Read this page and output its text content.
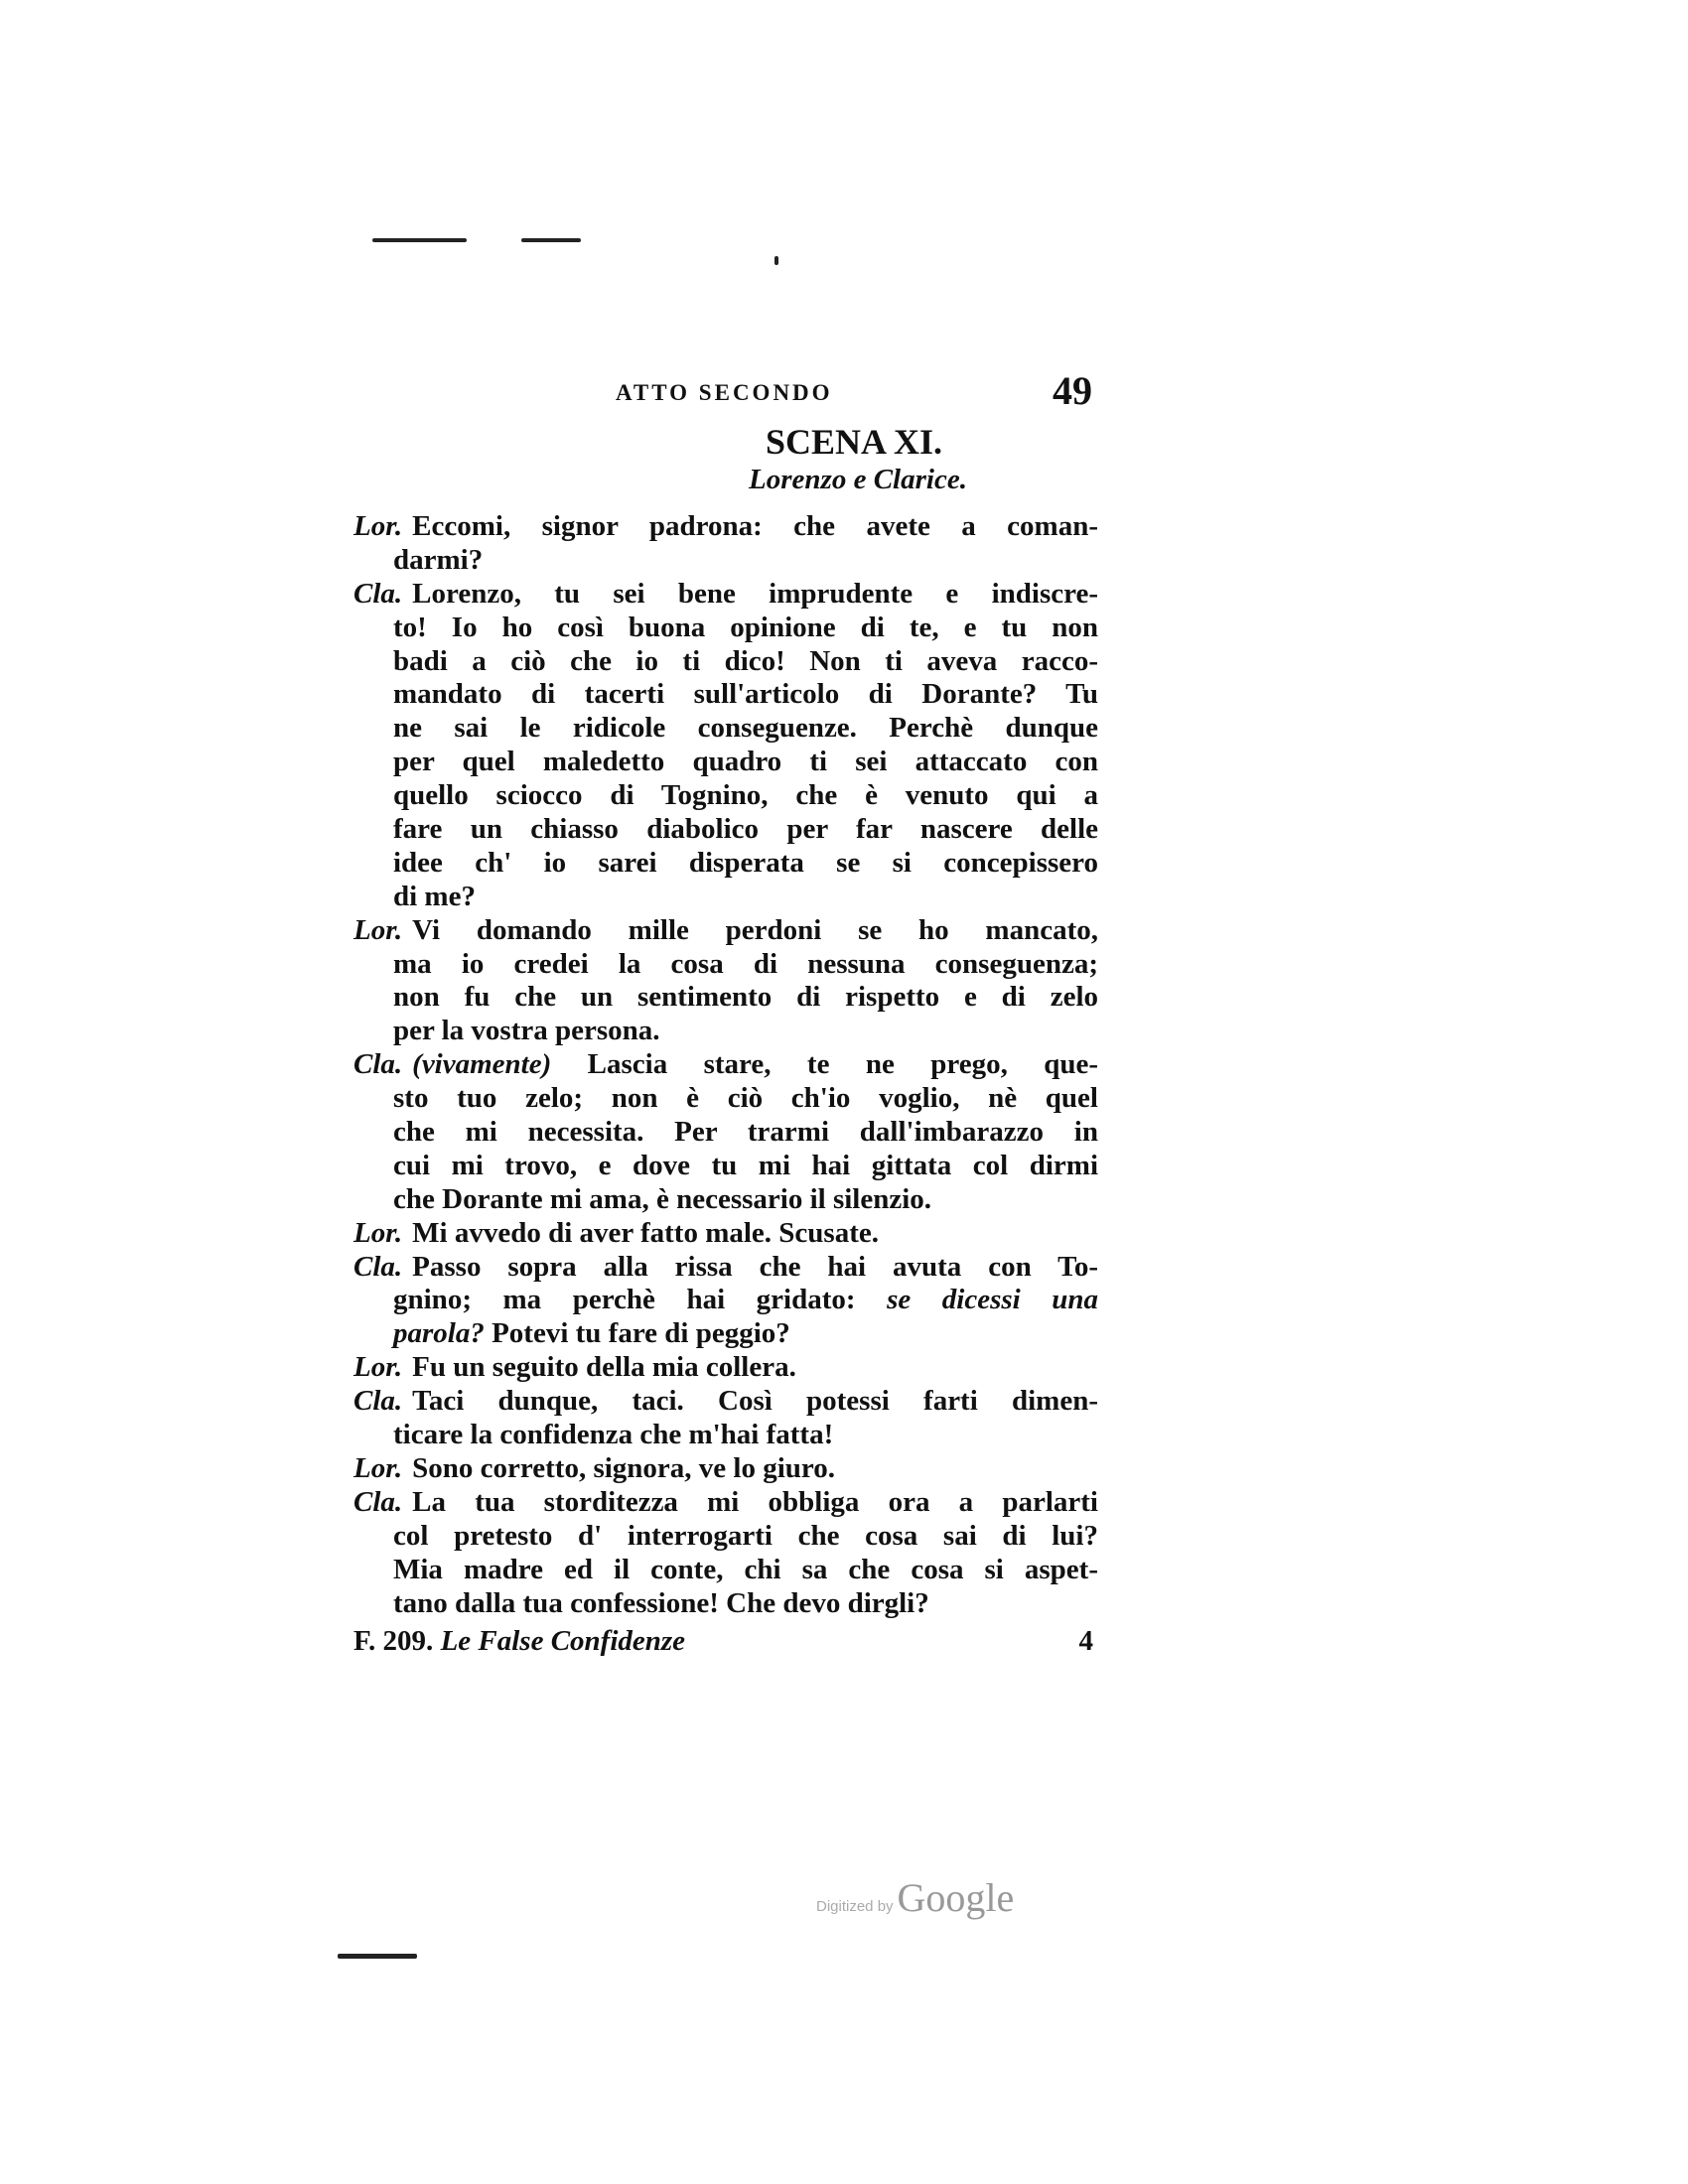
ATTO SECONDO	49
SCENA XI.
Lorenzo e Clarice.
Lor. Eccomi, signor padrona: che avete a coman-
darmi?
Cla. Lorenzo, tu sei bene imprudente e indiscre-
to! Io ho così buona opinione di te, e tu non
badi a ciò che io ti dico! Non ti aveva racco-
mandato di tacerti sull'articolo di Dorante? Tu
ne sai le ridicole conseguenze. Perchè dunque
per quel maledetto quadro ti sei attaccato con
quello sciocco di Tognino, che è venuto qui a
fare un chiasso diabolico per far nascere delle
idee ch' io sarei disperata se si concepissero
di me?
Lor. Vi domando mille perdoni se ho mancato,
ma io credei la cosa di nessuna conseguenza;
non fu che un sentimento di rispetto e di zelo
per la vostra persona.
Cla. (vivamente) Lascia stare, te ne prego, que-
sto tuo zelo; non è ciò ch'io voglio, nè quel
che mi necessita. Per trarmi dall'imbarazzo in
cui mi trovo, e dove tu mi hai gittata col dirmi
che Dorante mi ama, è necessario il silenzio.
Lor. Mi avvedo di aver fatto male. Scusate.
Cla. Passo sopra alla rissa che hai avuta con To-
gnino; ma perchè hai gridato: se dicessi una
parola? Potevi tu fare di peggio?
Lor. Fu un seguito della mia collera.
Cla. Taci dunque, taci. Così potessi farti dimen-
ticare la confidenza che m'hai fatta!
Lor. Sono corretto, signora, ve lo giuro.
Cla. La tua storditezza mi obbliga ora a parlarti
col pretesto d' interrogarti che cosa sai di lui?
Mia madre ed il conte, chi sa che cosa si aspet-
tano dalla tua confessione! Che devo dirgli?
F. 209. Le False Confidenze	4
Digitized by Google
